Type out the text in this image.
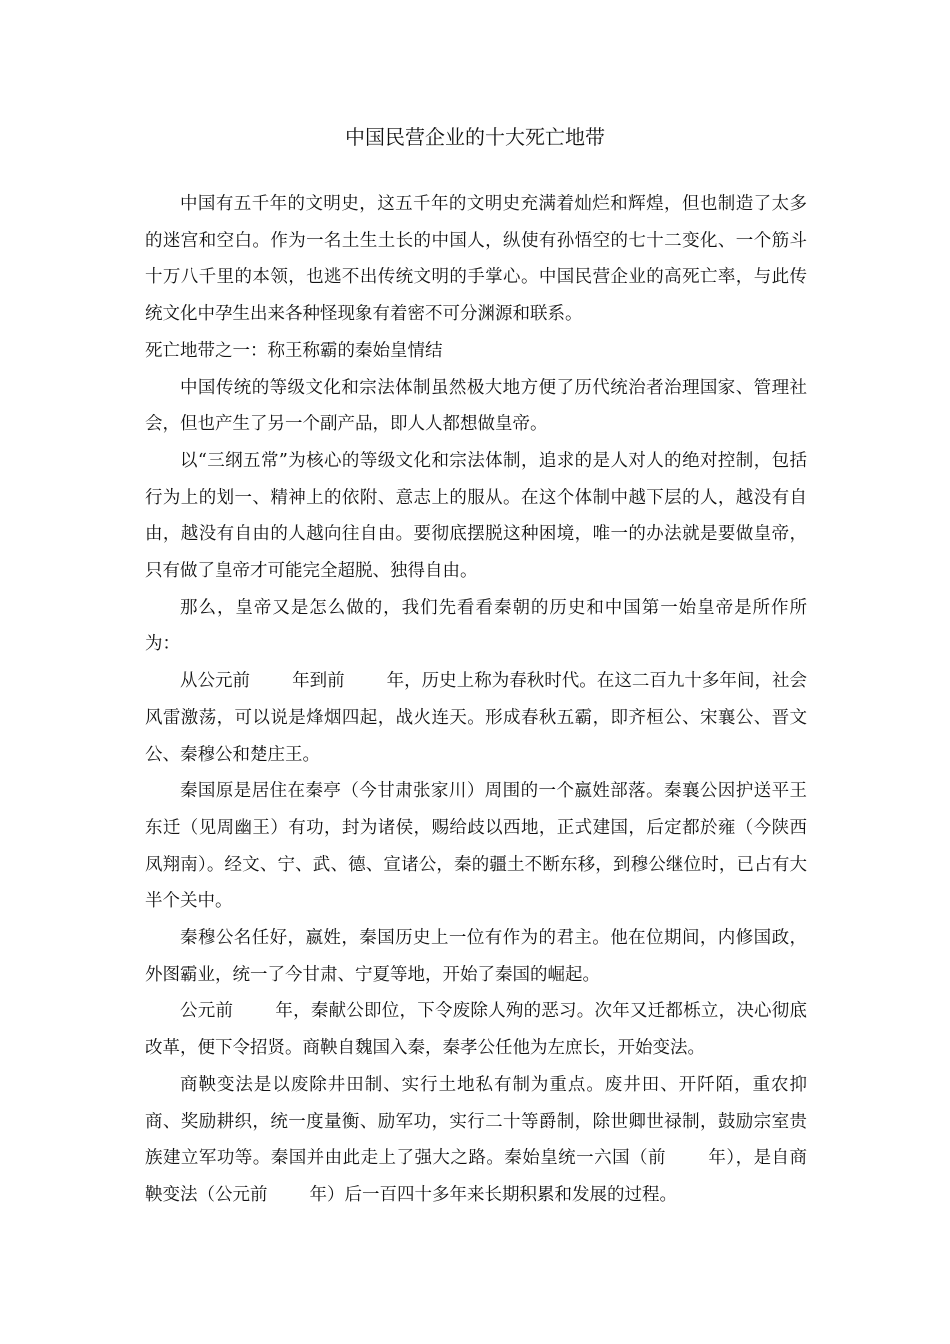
中国民营企业的十大死亡地带

中国有五千年的文明史，这五千年的文明史充满着灿烂和辉煌，但也制造了太多的迷宫和空白。作为一名土生土长的中国人，纵使有孙悟空的七十二变化、一个筋斗十万八千里的本领，也逃不出传统文明的手掌心。中国民营企业的高死亡率，与此传统文化中孕生出来各种怪现象有着密不可分渊源和联系。

死亡地带之一：称王称霸的秦始皇情结

中国传统的等级文化和宗法体制虽然极大地方便了历代统治者治理国家、管理社会，但也产生了另一个副产品，即人人都想做皇帝。

以“三纲五常”为核心的等级文化和宗法体制，追求的是人对人的绝对控制，包括行为上的划一、精神上的依附、意志上的服从。在这个体制中越下层的人，越没有自由，越没有自由的人越向往自由。要彻底摆脱这种困境，唯一的办法就是要做皇帝，只有做了皇帝才可能完全超脱、独得自由。

那么，皇帝又是怎么做的，我们先看看秦朝的历史和中国第一始皇帝是所作所为：

从公元前 年到前 年，历史上称为春秋时代。在这二百九十多年间，社会风雷激荡，可以说是烽烟四起，战火连天。形成春秋五霸，即齐桓公、宋襄公、晋文公、秦穆公和楚庄王。

秦国原是居住在秦亭（今甘肃张家川）周围的一个嬴姓部落。秦襄公因护送平王东迁（见周幽王）有功，封为诸侯，赐给歧以西地，正式建国，后定都於雍（今陕西凤翔南）。经文、宁、武、德、宣诸公，秦的疆土不断东移，到穆公继位时，已占有大半个关中。

秦穆公名任好，嬴姓，秦国历史上一位有作为的君主。他在位期间，内修国政，外图霸业，统一了今甘肃、宁夏等地，开始了秦国的崛起。

公元前 年，秦献公即位，下令废除人殉的恶习。次年又迁都栎立，决心彻底改革，便下令招贤。商鞅自魏国入秦，秦孝公任他为左庶长，开始变法。

商鞅变法是以废除井田制、实行土地私有制为重点。废井田、开阡陌，重农抑商、奖励耕织，统一度量衡、励军功，实行二十等爵制，除世卿世禄制，鼓励宗室贵族建立军功等。秦国并由此走上了强大之路。秦始皇统一六国（前 年），是自商鞅变法（公元前 年）后一百四十多年来长期积累和发展的过程。
